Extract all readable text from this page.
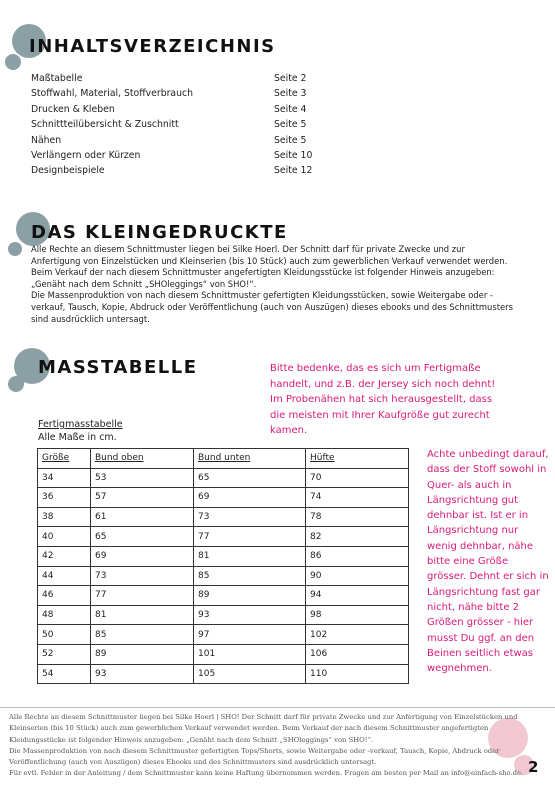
INHALTSVERZEICHNIS
Maßtabelle	Seite 2
Stoffwahl, Material, Stoffverbrauch	Seite 3
Drucken & Kleben	Seite 4
Schnittteilübersicht & Zuschnitt	Seite 5
Nähen	Seite 5
Verlängern oder Kürzen	Seite 10
Designbeispiele	Seite 12
DAS KLEINGEDRUCKTE
Alle Rechte an diesem Schnittmuster liegen bei Silke Hoerl. Der Schnitt darf für private Zwecke und zur Anfertigung von Einzelstücken und Kleinserien (bis 10 Stück) auch zum gewerblichen Verkauf verwendet werden. Beim Verkauf der nach diesem Schnittmuster angefertigten Kleidungsstücke ist folgender Hinweis anzugeben: „Genäht nach dem Schnitt „SHOleggings“ von SHO!“.
Die Massenproduktion von nach diesem Schnittmuster gefertigten Kleidungsstücken, sowie Weitergabe oder -verkauf, Tausch, Kopie, Abdruck oder Veröffentlichung (auch von Auszügen) dieses ebooks und des Schnittmusters sind ausdrücklich untersagt.
MASSTABELLE	Bitte bedenke, das es sich um Fertigmaße handelt, und z.B. der Jersey sich noch dehnt! Im Probenähen hat sich herausgestellt, dass die meisten mit Ihrer Kaufgröße gut zurecht kamen.
Achte unbedingt darauf, dass der Stoff sowohl in Quer- als auch in Längsrichtung gut dehnbar ist. Ist er in Längsrichtung nur wenig dehnbar, nähe bitte eine Größe grösser. Dehnt er sich in Längsrichtung fast gar nicht, nähe bitte 2 Größen grösser - hier musst Du ggf. an den Beinen seitlich etwas wegnehmen.
Fertigmasstabelle
Alle Maße in cm.
Größe	Bund oben	Bund unten	Hüfte
34	53	65	70
36	57	69	74
38	61	73	78
40	65	77	82
42	69	81	86
44	73	85	90
46	77	89	94
48	81	93	98
50	85	97	102
52	89	101	106
54	93	105	110
Alle Rechte an diesem Schnittmuster liegen bei Silke Hoerl | SHO! Der Schnitt darf für private Zwecke und zur Anfertigung von Einzelstücken und Kleinserien (bis 10 Stück) auch zum gewerblichen Verkauf verwendet werden. Beim Verkauf der nach diesem Schnittmuster angefertigten Kleidungsstücke ist folgender Hinweis anzugeben: „Genäht nach dem Schnitt „SHOleggings“ von SHO!“.
Die Massenproduktion von nach diesem Schnittmuster gefertigten Tops/Shorts, sowie Weitergabe oder -verkauf, Tausch, Kopie, Abdruck oder Veröffentlichung (auch von Auszügen) dieses Ebooks und des Schnittmusters sind ausdrücklich untersagt.
Für evtl. Fehler in der Anleitung / dem Schnittmuster kann keine Haftung übernommen werden. Fragen am besten per Mail an info@einfach-sho.de. 2
